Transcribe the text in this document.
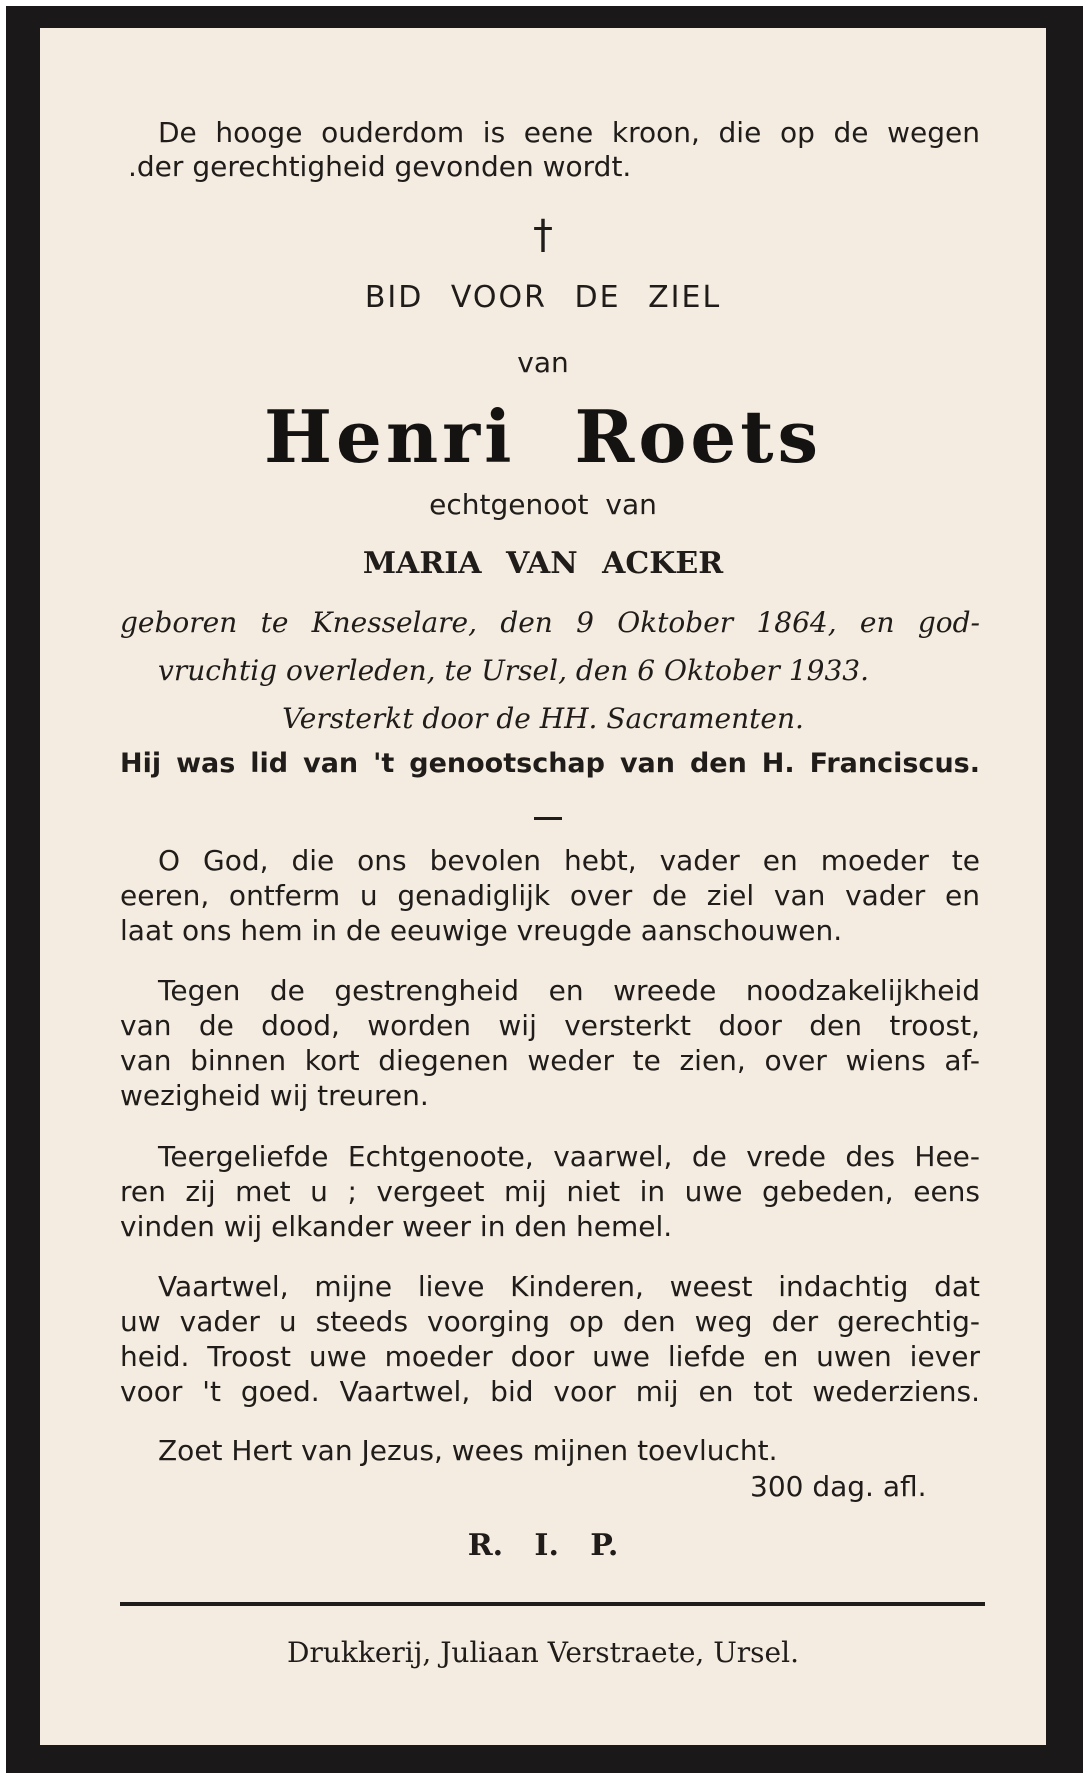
De hooge ouderdom is eene kroon, die op de wegen
.der gerechtigheid gevonden wordt.
†
BID VOOR DE ZIEL
van
Henri Roets
echtgenoot van
MARIA VAN ACKER
geboren te Knesselare, den 9 Oktober 1864, en god-
vruchtig overleden, te Ursel, den 6 Oktober 1933.
Versterkt door de HH. Sacramenten.
Hij was lid van 't genootschap van den H. Franciscus.
O God, die ons bevolen hebt, vader en moeder te
eeren, ontferm u genadiglijk over de ziel van vader en
laat ons hem in de eeuwige vreugde aanschouwen.
Tegen de gestrengheid en wreede noodzakelijkheid
van de dood, worden wij versterkt door den troost,
van binnen kort diegenen weder te zien, over wiens af-
wezigheid wij treuren.
Teergeliefde Echtgenoote, vaarwel, de vrede des Hee-
ren zij met u ; vergeet mij niet in uwe gebeden, eens
vinden wij elkander weer in den hemel.
Vaartwel, mijne lieve Kinderen, weest indachtig dat
uw vader u steeds voorging op den weg der gerechtig-
heid. Troost uwe moeder door uwe liefde en uwen iever
voor 't goed. Vaartwel, bid voor mij en tot wederziens.
Zoet Hert van Jezus, wees mijnen toevlucht.
300 dag. afl.
R.   I.   P.
Drukkerij, Juliaan Verstraete, Ursel.
